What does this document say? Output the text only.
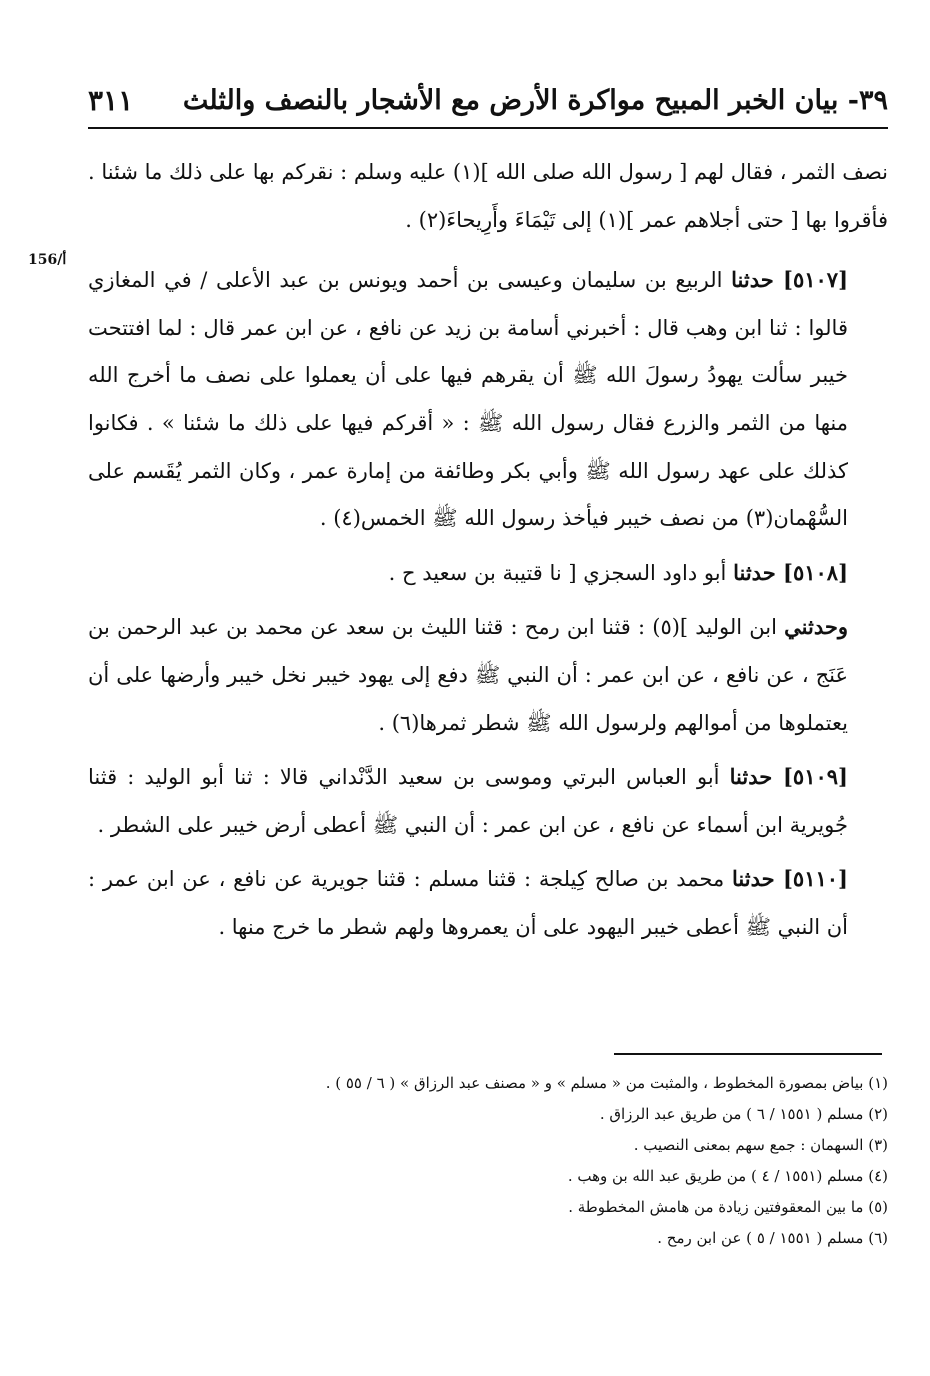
٣١١ ٣٩- بيان الخبر المبيح مواكرة الأرض مع الأشجار بالنصف والثلث
156/أ

نصف الثمر ، فقال لهم [ رسول الله صلى الله ](١) عليه وسلم : نقركم بها على ذلك ما شئنا . فأقروا بها [ حتى أجلاهم عمر ](١) إلى تَيْمَاءَ وأَرِيحاءَ(٢) .

[٥١٠٧] حدثنا الربيع بن سليمان وعيسى بن أحمد ويونس بن عبد الأعلى / في المغازي قالوا : ثنا ابن وهب قال : أخبرني أسامة بن زيد عن نافع ، عن ابن عمر قال : لما افتتحت خيبر سألت يهودُ رسولَ الله ﷺ أن يقرهم فيها على أن يعملوا على نصف ما أخرج الله منها من الثمر والزرع فقال رسول الله ﷺ : « أقركم فيها على ذلك ما شئنا » . فكانوا كذلك على عهد رسول الله ﷺ وأبي بكر وطائفة من إمارة عمر ، وكان الثمر يُقَسم على السُّهْمان(٣) من نصف خيبر فيأخذ رسول الله ﷺ الخمس(٤) .

[٥١٠٨] حدثنا أبو داود السجزي [ نا قتيبة بن سعيد ح .

وحدثني ابن الوليد ](٥) : قثنا ابن رمح : قثنا الليث بن سعد عن محمد بن عبد الرحمن بن عَنَج ، عن نافع ، عن ابن عمر : أن النبي ﷺ دفع إلى يهود خيبر نخل خيبر وأرضها على أن يعتملوها من أموالهم ولرسول الله ﷺ شطر ثمرها(٦) .

[٥١٠٩] حدثنا أبو العباس البرتي وموسى بن سعيد الدَّنْداني قالا : ثنا أبو الوليد : قثنا جُويرية ابن أسماء عن نافع ، عن ابن عمر : أن النبي ﷺ أعطى أرض خيبر على الشطر .

[٥١١٠] حدثنا محمد بن صالح كِيلجة : قثنا مسلم : قثنا جويرية عن نافع ، عن ابن عمر : أن النبي ﷺ أعطى خيبر اليهود على أن يعمروها ولهم شطر ما خرج منها .

(١) بياض بمصورة المخطوط ، والمثبت من « مسلم » و « مصنف عبد الرزاق » ( ٦ / ٥٥ ) .
(٢) مسلم ( ١٥٥١ / ٦ ) من طريق عبد الرزاق .
(٣) السهمان : جمع سهم بمعنى النصيب .
(٤) مسلم (١٥٥١ / ٤ ) من طريق عبد الله بن وهب .
(٥) ما بين المعقوفتين زيادة من هامش المخطوطة .
(٦) مسلم ( ١٥٥١ / ٥ ) عن ابن رمح .
